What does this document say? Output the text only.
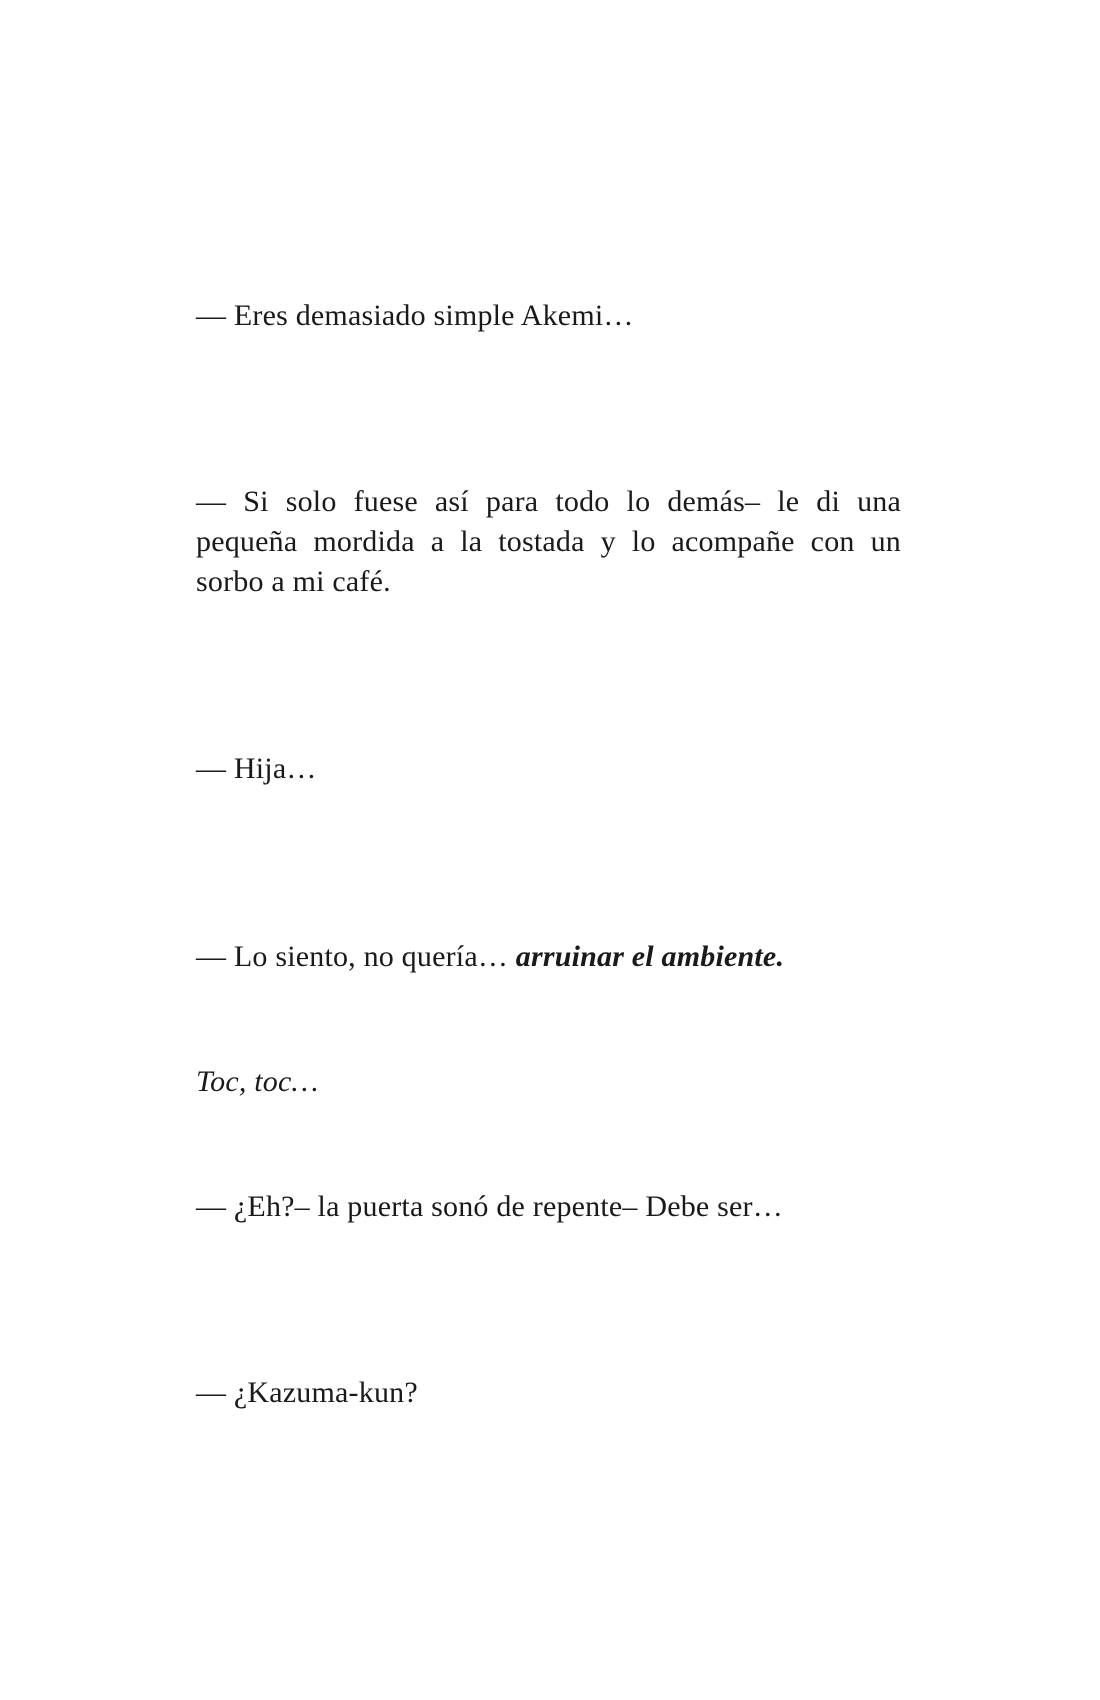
— Eres demasiado simple Akemi…

— Si solo fuese así para todo lo demás– le di una pequeña mordida a la tostada y lo acompañe con un sorbo a mi café.

— Hija…

— Lo siento, no quería… arruinar el ambiente.

Toc, toc…

— ¿Eh?– la puerta sonó de repente– Debe ser…

— ¿Kazuma-kun?
